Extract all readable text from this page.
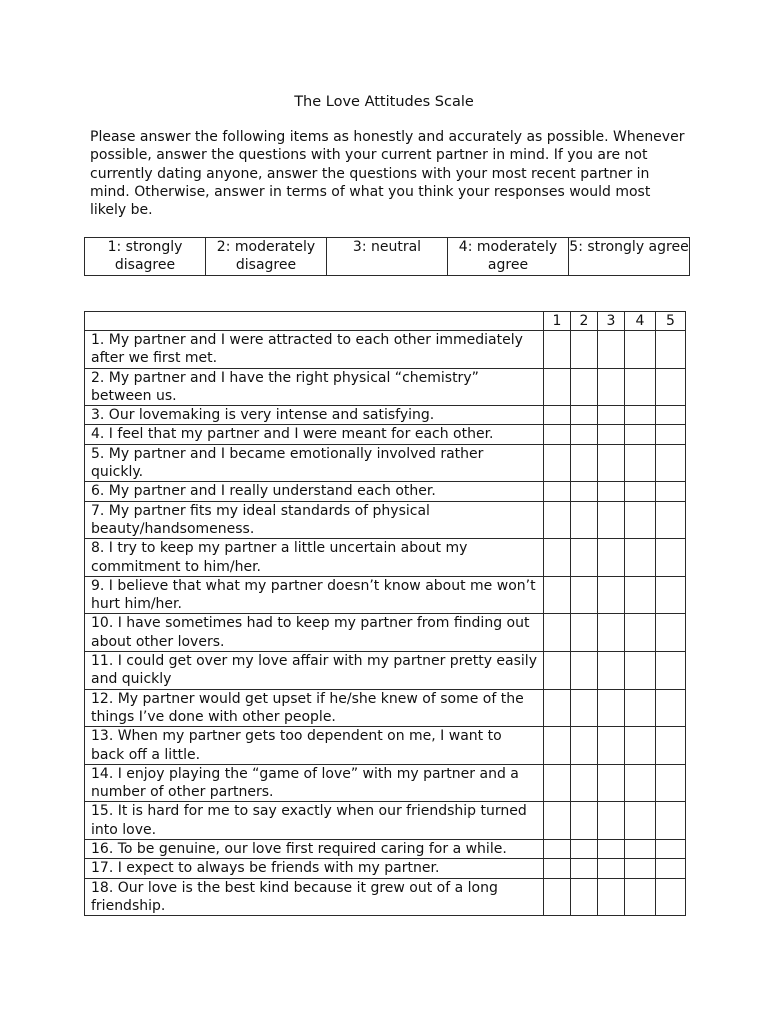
The Love Attitudes Scale

Please answer the following items as honestly and accurately as possible. Whenever possible, answer the questions with your current partner in mind. If you are not currently dating anyone, answer the questions with your most recent partner in mind. Otherwise, answer in terms of what you think your responses would most likely be.

1: strongly disagree	2: moderately disagree	3: neutral	4: moderately agree	5: strongly agree
	1	2	3	4	5
1. My partner and I were attracted to each other immediately after we first met.					
2. My partner and I have the right physical “chemistry” between us.					
3. Our lovemaking is very intense and satisfying.					
4. I feel that my partner and I were meant for each other.					
5. My partner and I became emotionally involved rather quickly.					
6. My partner and I really understand each other.					
7. My partner fits my ideal standards of physical beauty/handsomeness.					
8. I try to keep my partner a little uncertain about my commitment to him/her.					
9. I believe that what my partner doesn’t know about me won’t hurt him/her.					
10. I have sometimes had to keep my partner from finding out about other lovers.					
11. I could get over my love affair with my partner pretty easily and quickly					
12. My partner would get upset if he/she knew of some of the things I’ve done with other people.					
13. When my partner gets too dependent on me, I want to back off a little.					
14. I enjoy playing the “game of love” with my partner and a number of other partners.					
15. It is hard for me to say exactly when our friendship turned into love.					
16. To be genuine, our love first required caring for a while.					
17. I expect to always be friends with my partner.					
18. Our love is the best kind because it grew out of a long friendship.					
